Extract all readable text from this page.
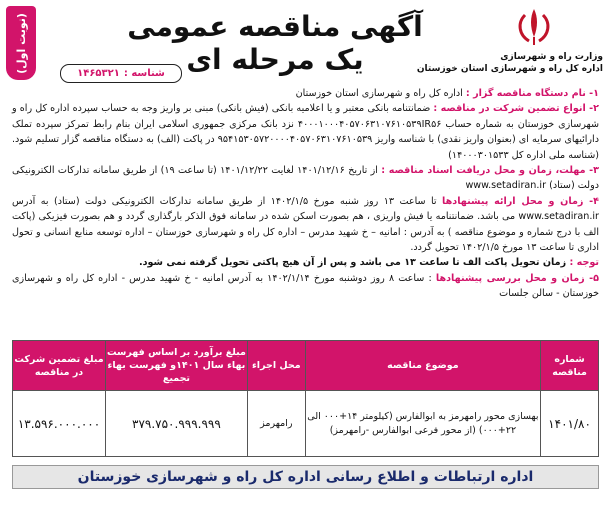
(نوبت اول)	آگهی مناقصه عمومی یک مرحله ای	وزارت راه و شهرسازی
اداره کل راه و شهرسازی استان خوزستان
شناسه :
۱۴۶۵۳۲۱

۱- نام دستگاه مناقصه گزار : اداره کل راه و شهرسازی استان خوزستان

۲- انواع تضمین شرکت در مناقصه : ضمانتنامه بانکی معتبر و یا اعلامیه بانکی (فیش بانکی) مبنی بر واریز وجه به حساب سپرده اداره کل راه و شهرسازی خوزستان به شماره حساب ۴۰۰۰۱۰۰۰۴۰۵۷۰۶۳۱۰۷۶۱۰۵۳۹IR۵۶ نزد بانک مرکزی جمهوری اسلامی ایران بنام رابط تمرکز سپرده تملک دارائیهای سرمایه ای (بعنوان واریز نقدی) با شناسه واریز ۹۵۴۱۵۳۰۵۷۲۰۰۰۰۴۰۵۷۰۶۳۱۰۷۶۱۰۵۳۹ در پاکت (الف) به دستگاه مناقصه گزار تسلیم شود. (شناسه ملی اداره کل ۱۴۰۰۰۳۰۱۵۳۳)

۳- مهلت، زمان و محل دریافت اسناد مناقصه : از تاریخ ۱۴۰۱/۱۲/۱۶ لغایت ۱۴۰۱/۱۲/۲۲ (تا ساعت ۱۹) از طریق سامانه تدارکات الکترونیکی دولت (ستاد) www.setadiran.ir

۴- زمان و محل ارائه پیشنهادها تا ساعت ۱۳ روز شنبه مورخ ۱۴۰۲/۱/۵ از طریق سامانه تدارکات الکترونیکی دولت (ستاد) به آدرس www.setadiran.ir می باشد. ضمانتنامه یا فیش واریزی ، هم بصورت اسکن شده در سامانه فوق الذکر بارگذاری گردد و هم بصورت فیزیکی (پاکت الف با درج شماره و موضوع مناقصه ) به آدرس : امانیه – خ شهید مدرس – اداره کل راه و شهرسازی خوزستان – اداره توسعه منابع انسانی و تحول اداری تا ساعت ۱۳ مورخ ۱۴۰۲/۱/۵ تحویل گردد.

توجه : زمان تحویل پاکت الف تا ساعت ۱۳ می باشد و پس از آن هیچ پاکتی تحویل گرفته نمی شود.

۵- زمان و محل بررسی پیشنهادها : ساعت ۸ روز دوشنبه مورخ ۱۴۰۲/۱/۱۴ به آدرس امانیه - خ شهید مدرس - اداره کل راه و شهرسازی خوزستان - سالن جلسات

شماره مناقصه	موضوع مناقصه	محل اجراء	مبلغ برآورد بر اساس فهرست بهاء سال ۱۴۰۱و فهرست بهاء تجمیع	مبلغ تضمین شرکت در مناقصه
۱۴۰۱/۸۰	بهسازی محور رامهرمز به ابوالفارس (کیلومتر ۱۴+۰۰۰ الی ۲۲+۰۰۰) (از محور فرعی ابوالفارس -رامهرمز)	رامهرمز	۳۷۹.۷۵۰.۹۹۹.۹۹۹	۱۳.۵۹۶.۰۰۰.۰۰۰
اداره ارتباطات و اطلاع رسانی اداره کل راه و شهرسازی خوزستان
